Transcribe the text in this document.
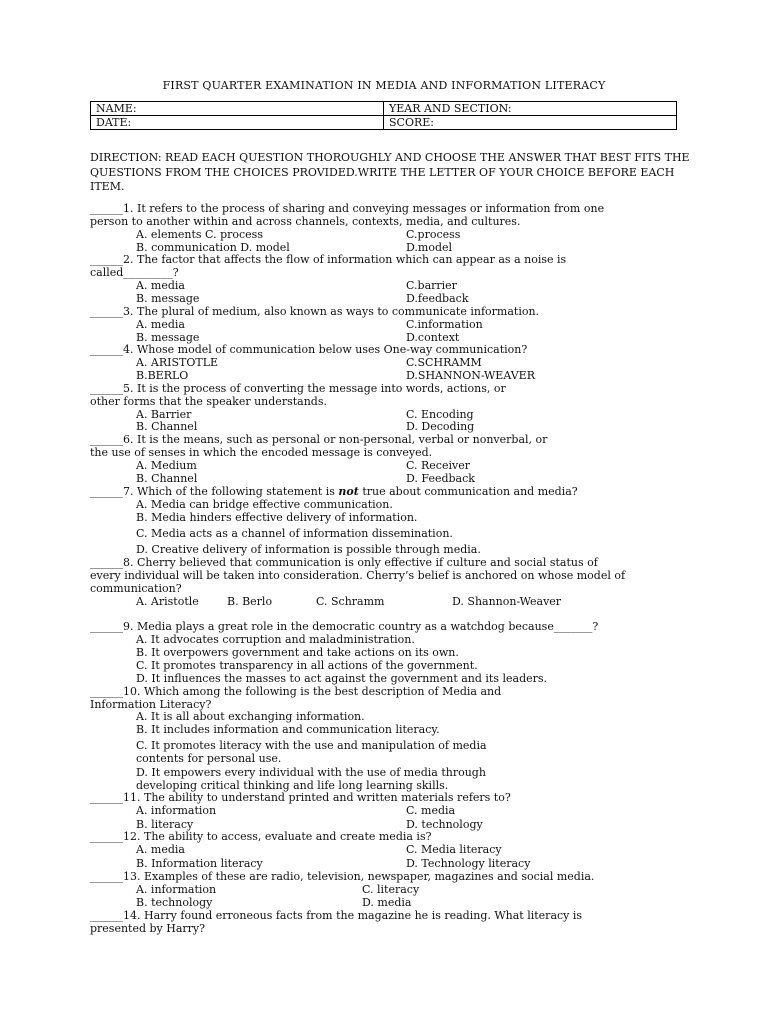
FIRST QUARTER EXAMINATION IN MEDIA AND INFORMATION LITERACY
NAME:	YEAR AND SECTION:
DATE:	SCORE:
DIRECTION: READ EACH QUESTION THOROUGHLY AND CHOOSE THE ANSWER THAT BEST FITS THE QUESTIONS FROM THE CHOICES PROVIDED.WRITE THE LETTER OF YOUR CHOICE BEFORE EACH ITEM.
______1. It refers to the process of sharing and conveying messages or information from one
person to another within and across channels, contexts, media, and cultures.
A. elements C. process	C.process
B. communication D. model	D.model
______2. The factor that affects the flow of information which can appear as a noise is
called_________?
A. media	C.barrier
B. message	D.feedback
______3. The plural of medium, also known as ways to communicate information.
A. media	C.information
B. message	D.context
______4. Whose model of communication below uses One-way communication?
A. ARISTOTLE	C.SCHRAMM
B.BERLO	D.SHANNON-WEAVER
______5. It is the process of converting the message into words, actions, or
other forms that the speaker understands.
A. Barrier	C. Encoding
B. Channel	D. Decoding
______6. It is the means, such as personal or non-personal, verbal or nonverbal, or
the use of senses in which the encoded message is conveyed.
A. Medium	C. Receiver
B. Channel	D. Feedback
______7. Which of the following statement is not true about communication and media?
A. Media can bridge effective communication.
B. Media hinders effective delivery of information.
C. Media acts as a channel of information dissemination.
D. Creative delivery of information is possible through media.
______8. Cherry believed that communication is only effective if culture and social status of
every individual will be taken into consideration. Cherry’s belief is anchored on whose model of
communication?
A. Aristotle	B. Berlo	C. Schramm	D. Shannon-Weaver
______9. Media plays a great role in the democratic country as a watchdog because_______?
A. It advocates corruption and maladministration.
B. It overpowers government and take actions on its own.
C. It promotes transparency in all actions of the government.
D. It influences the masses to act against the government and its leaders.
______10. Which among the following is the best description of Media and
Information Literacy?
A. It is all about exchanging information.
B. It includes information and communication literacy.
C. It promotes literacy with the use and manipulation of media
contents for personal use.
D. It empowers every individual with the use of media through
developing critical thinking and life long learning skills.
______11. The ability to understand printed and written materials refers to?
A. information	C. media
B. literacy	D. technology
______12. The ability to access, evaluate and create media is?
A. media	C. Media literacy
B. Information literacy	D. Technology literacy
______13. Examples of these are radio, television, newspaper, magazines and social media.
A. information	C. literacy
B. technology	D. media
______14. Harry found erroneous facts from the magazine he is reading. What literacy is
presented by Harry?
